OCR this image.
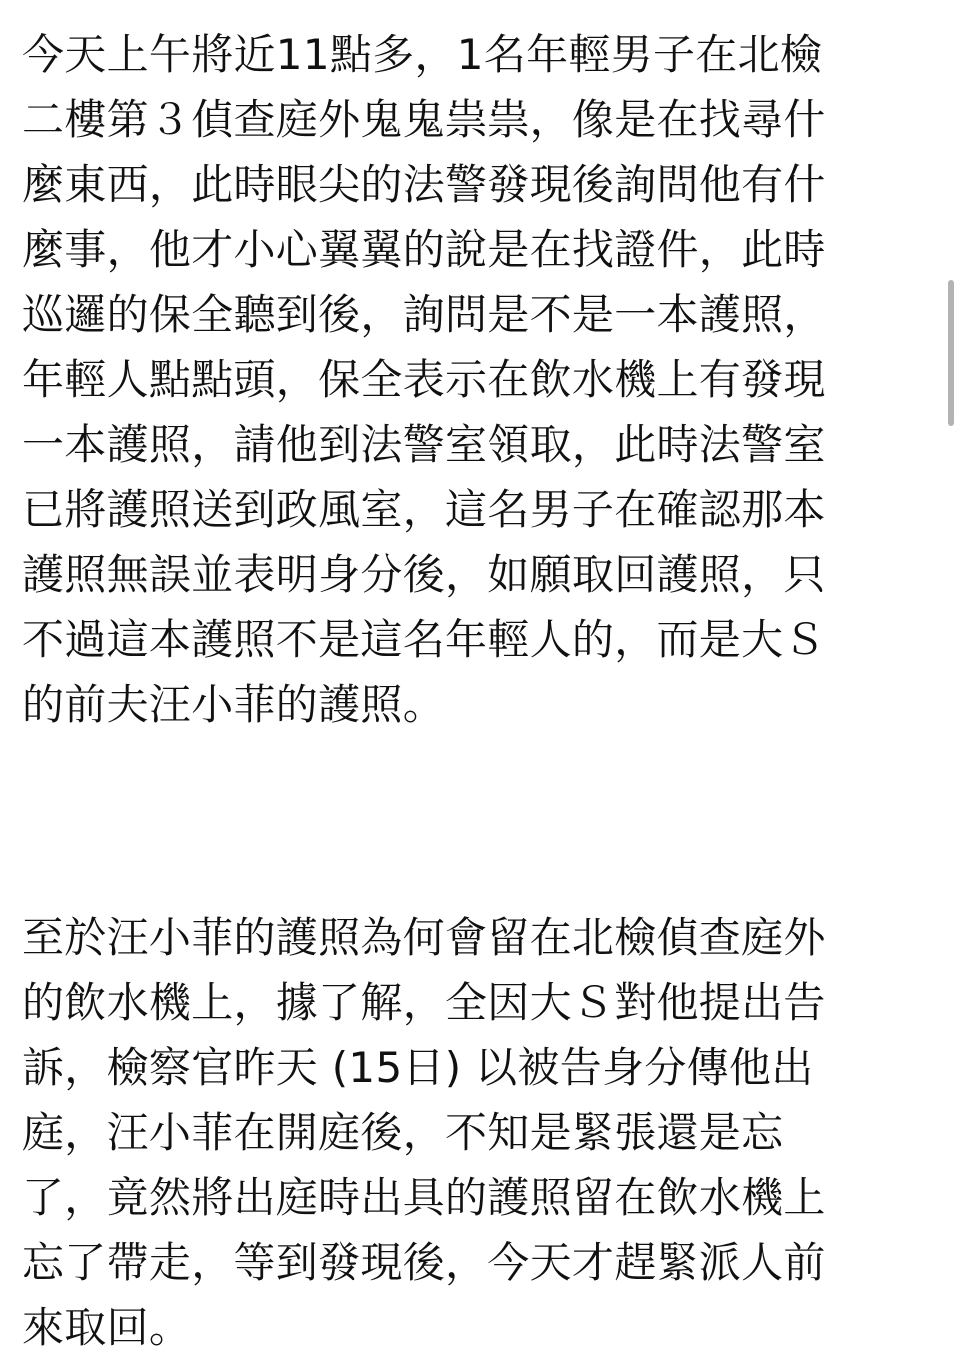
今天上午將近11點多，1名年輕男子在北檢
二樓第３偵查庭外鬼鬼祟祟，像是在找尋什
麼東西，此時眼尖的法警發現後詢問他有什
麼事，他才小心翼翼的說是在找證件，此時
巡邏的保全聽到後，詢問是不是一本護照，
年輕人點點頭，保全表示在飲水機上有發現
一本護照，請他到法警室領取，此時法警室
已將護照送到政風室，這名男子在確認那本
護照無誤並表明身分後，如願取回護照，只
不過這本護照不是這名年輕人的，而是大Ｓ
的前夫汪小菲的護照。
至於汪小菲的護照為何會留在北檢偵查庭外
的飲水機上，據了解，全因大Ｓ對他提出告
訴，檢察官昨天 (15日) 以被告身分傳他出
庭，汪小菲在開庭後，不知是緊張還是忘
了，竟然將出庭時出具的護照留在飲水機上
忘了帶走，等到發現後，今天才趕緊派人前
來取回。
